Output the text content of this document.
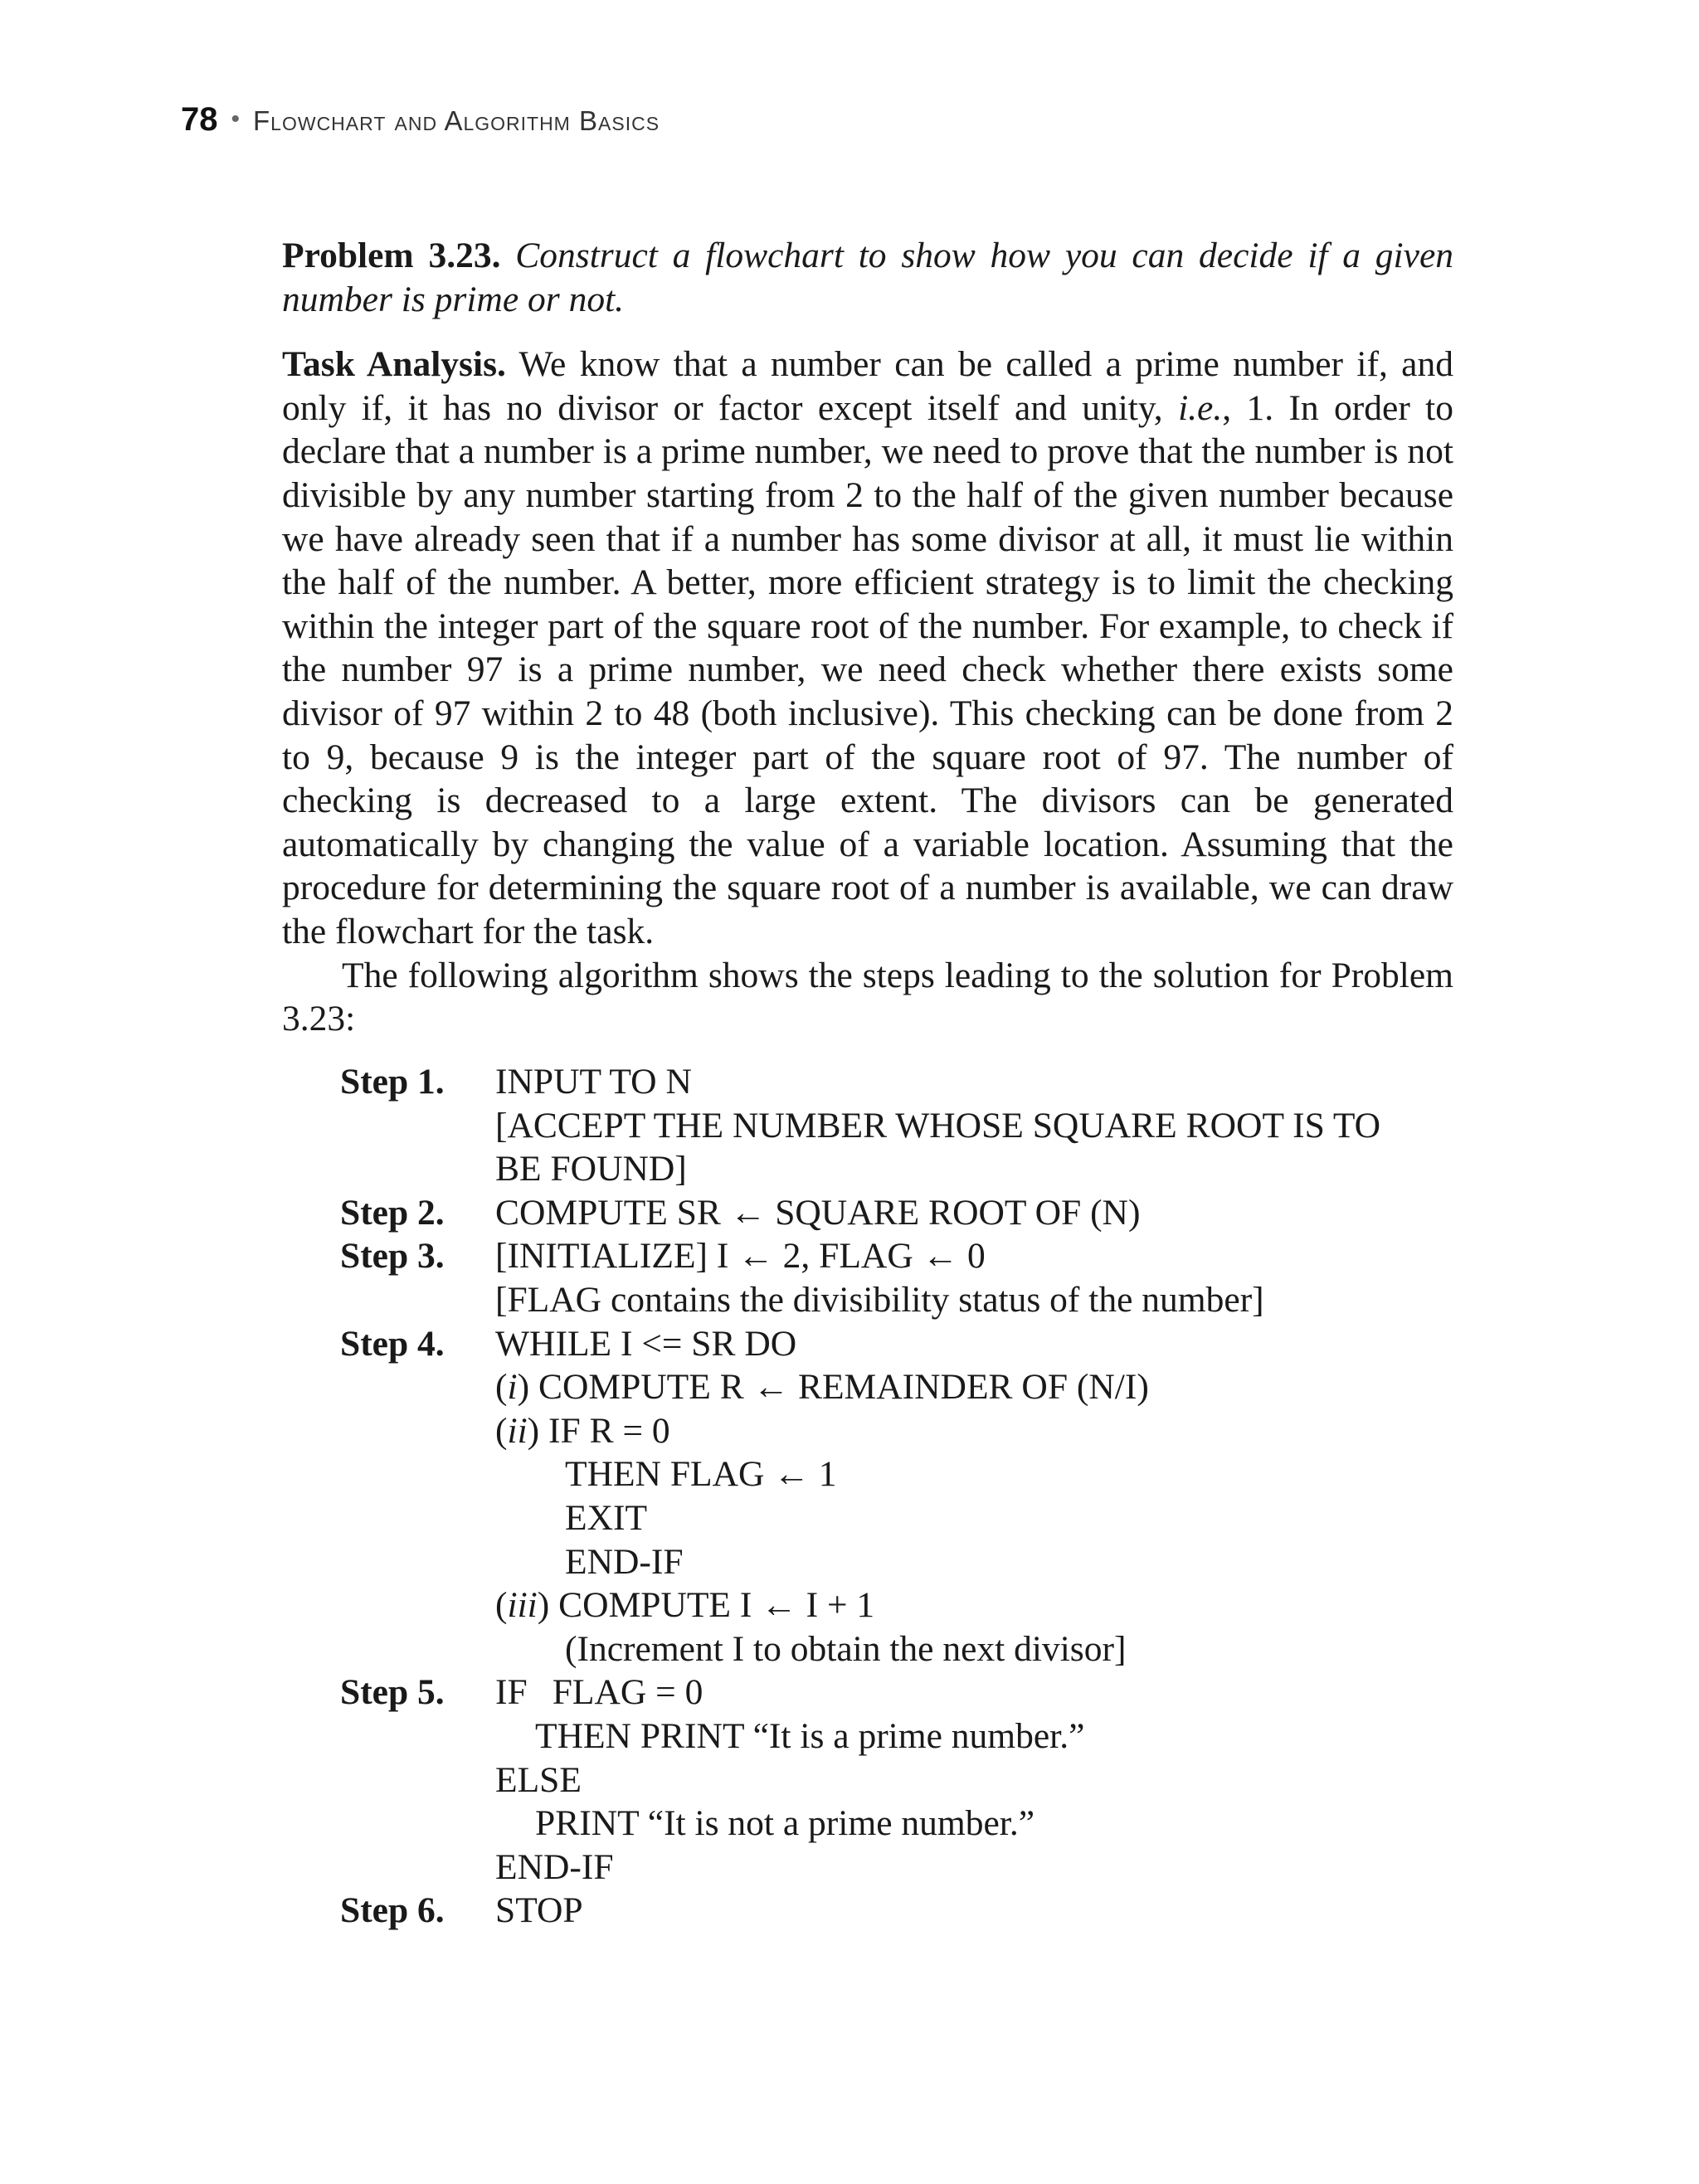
78 • Flowchart and Algorithm Basics

Problem 3.23. Construct a flowchart to show how you can decide if a given number is prime or not.

Task Analysis. We know that a number can be called a prime number if, and only if, it has no divisor or factor except itself and unity, i.e., 1. In order to declare that a number is a prime number, we need to prove that the number is not divisible by any number starting from 2 to the half of the given number because we have already seen that if a number has some divisor at all, it must lie within the half of the number. A better, more efficient strategy is to limit the checking within the integer part of the square root of the number. For example, to check if the number 97 is a prime number, we need check whether there exists some divisor of 97 within 2 to 48 (both inclusive). This checking can be done from 2 to 9, because 9 is the integer part of the square root of 97. The number of checking is decreased to a large extent. The divisors can be generated automatically by changing the value of a variable location. Assuming that the procedure for determining the square root of a number is available, we can draw the flowchart for the task.

The following algorithm shows the steps leading to the solution for Problem 3.23:

Step 1.	INPUT TO N
[ACCEPT THE NUMBER WHOSE SQUARE ROOT IS TO
BE FOUND]
Step 2.	COMPUTE SR ← SQUARE ROOT OF (N)
Step 3.	[INITIALIZE] I ← 2, FLAG ← 0
[FLAG contains the divisibility status of the number]
Step 4.	WHILE I <= SR DO
(i) COMPUTE R ← REMAINDER OF (N/I)
(ii) IF R = 0
THEN FLAG ← 1
EXIT
END-IF
(iii) COMPUTE I ← I + 1
(Increment I to obtain the next divisor]
Step 5.	IF FLAG = 0
THEN PRINT “It is a prime number.”
ELSE
PRINT “It is not a prime number.”
END-IF
Step 6.	STOP
